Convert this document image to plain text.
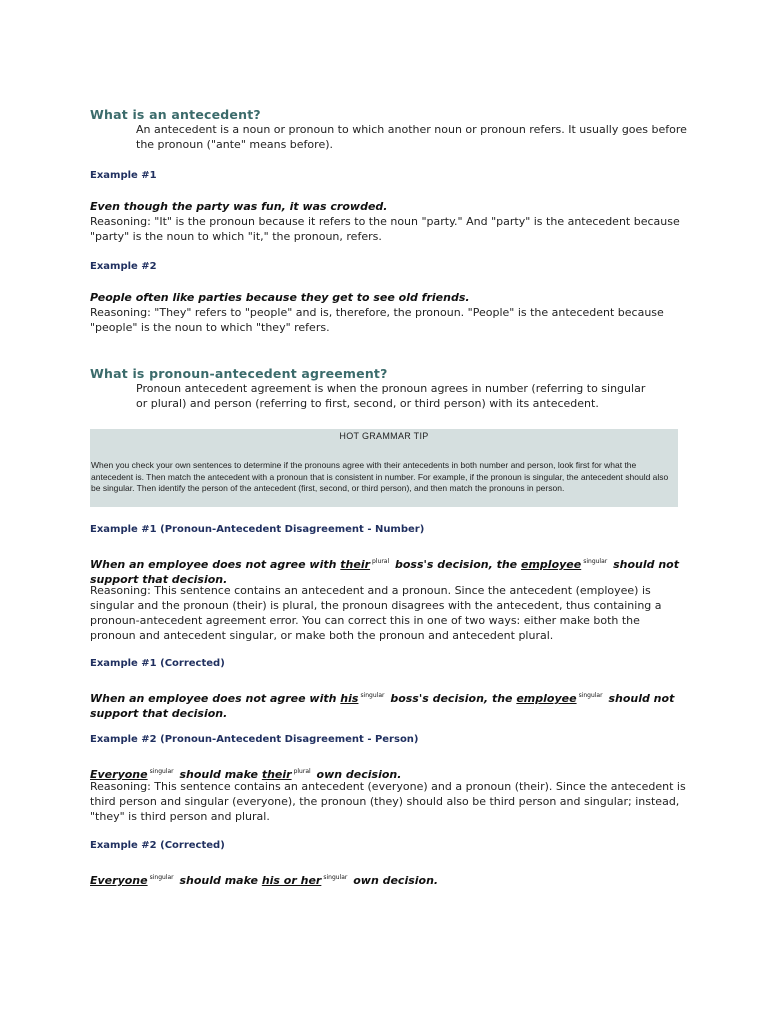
What is an antecedent?
An antecedent is a noun or pronoun to which another noun or pronoun refers. It usually goes before the pronoun ("ante" means before).
Example #1
Even though the party was fun, it was crowded.
Reasoning: "It" is the pronoun because it refers to the noun "party." And "party" is the antecedent because "party" is the noun to which "it," the pronoun, refers.
Example #2
People often like parties because they get to see old friends.
Reasoning: "They" refers to "people" and is, therefore, the pronoun. "People" is the antecedent because "people" is the noun to which "they" refers.
What is pronoun-antecedent agreement?
Pronoun antecedent agreement is when the pronoun agrees in number (referring to singular or plural) and person (referring to first, second, or third person) with its antecedent.
HOT GRAMMAR TIP
When you check your own sentences to determine if the pronouns agree with their antecedents in both number and person, look first for what the antecedent is. Then match the antecedent with a pronoun that is consistent in number. For example, if the pronoun is singular, the antecedent should also be singular. Then identify the person of the antecedent (first, second, or third person), and then match the pronouns in person.
Example #1 (Pronoun-Antecedent Disagreement - Number)
When an employee does not agree with their $^{plural}$ boss's decision, the employee $^{singular}$ should not support that decision.
Reasoning: This sentence contains an antecedent and a pronoun. Since the antecedent (employee) is singular and the pronoun (their) is plural, the pronoun disagrees with the antecedent, thus containing a pronoun-antecedent agreement error. You can correct this in one of two ways: either make both the pronoun and antecedent singular, or make both the pronoun and antecedent plural.
Example #1 (Corrected)
When an employee does not agree with his $^{singular}$ boss's decision, the employee $^{singular}$ should not support that decision.
Example #2 (Pronoun-Antecedent Disagreement - Person)
Everyone $^{singular}$ should make their $^{plural}$ own decision.
Reasoning: This sentence contains an antecedent (everyone) and a pronoun (their). Since the antecedent is third person and singular (everyone), the pronoun (they) should also be third person and singular; instead, "they" is third person and plural.
Example #2 (Corrected)
Everyone $^{singular}$ should make his or her $^{singular}$ own decision.
